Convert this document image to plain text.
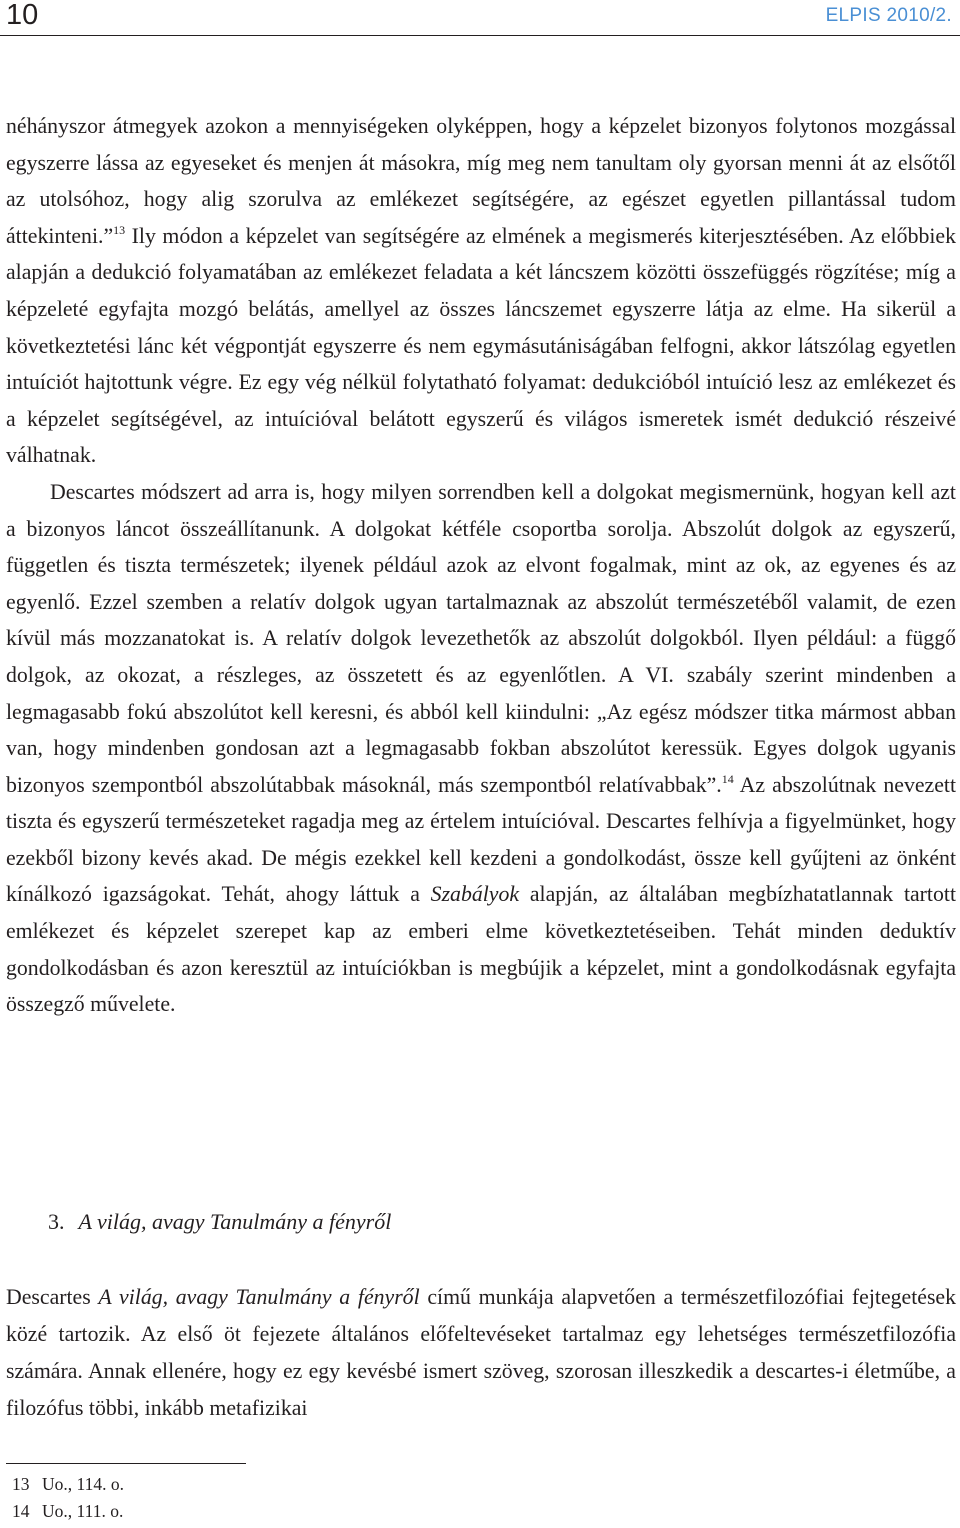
10	ELPIS 2010/2.

néhányszor átmegyek azokon a mennyiségeken olyképpen, hogy a képzelet bizonyos folytonos mozgással egyszerre lássa az egyeseket és menjen át másokra, míg meg nem tanultam oly gyorsan menni át az elsőtől az utolsóhoz, hogy alig szorulva az emlékezet segítségére, az egészet egyetlen pillantással tudom áttekinteni.”$^{13}$ Ily módon a képzelet van segítségére az elmének a megismerés kiterjesztésében. Az előbbiek alapján a dedukció folyamatában az emlékezet feladata a két láncszem közötti összefüggés rögzítése; míg a képzeleté egyfajta mozgó belátás, amellyel az összes láncszemet egyszerre látja az elme. Ha sikerül a következtetési lánc két végpontját egyszerre és nem egymásutániságában felfogni, akkor látszólag egyetlen intuíciót hajtottunk végre. Ez egy vég nélkül folytatható folyamat: dedukcióból intuíció lesz az emlékezet és a képzelet segítségével, az intuícióval belátott egyszerű és világos ismeretek ismét dedukció részeivé válhatnak.

Descartes módszert ad arra is, hogy milyen sorrendben kell a dolgokat megismernünk, hogyan kell azt a bizonyos láncot összeállítanunk. A dolgokat kétféle csoportba sorolja. Abszolút dolgok az egyszerű, független és tiszta természetek; ilyenek például azok az elvont fogalmak, mint az ok, az egyenes és az egyenlő. Ezzel szemben a relatív dolgok ugyan tartalmaznak az abszolút természetéből valamit, de ezen kívül más mozzanatokat is. A relatív dolgok levezethetők az abszolút dolgokból. Ilyen például: a függő dolgok, az okozat, a részleges, az összetett és az egyenlőtlen. A VI. szabály szerint mindenben a legmagasabb fokú abszolútot kell keresni, és abból kell kiindulni: „Az egész módszer titka mármost abban van, hogy mindenben gondosan azt a legmagasabb fokban abszolútot keressük. Egyes dolgok ugyanis bizonyos szempontból abszolútabbak másoknál, más szempontból relatívabbak”.$^{14}$ Az abszolútnak nevezett tiszta és egyszerű természeteket ragadja meg az értelem intuícióval. Descartes felhívja a figyelmünket, hogy ezekből bizony kevés akad. De mégis ezekkel kell kezdeni a gondolkodást, össze kell gyűjteni az önként kínálkozó igazságokat. Tehát, ahogy láttuk a Szabályok alapján, az általában megbízhatatlannak tartott emlékezet és képzelet szerepet kap az emberi elme következtetéseiben. Tehát minden deduktív gondolkodásban és azon keresztül az intuíciókban is megbújik a képzelet, mint a gondolkodásnak egyfajta összegző művelete.

3. A világ, avagy Tanulmány a fényről

Descartes A világ, avagy Tanulmány a fényről című munkája alapvetően a természetfilozófiai fejtegetések közé tartozik. Az első öt fejezete általános előfeltevéseket tartalmaz egy lehetséges természetfilozófia számára. Annak ellenére, hogy ez egy kevésbé ismert szöveg, szorosan illeszkedik a descartes-i életműbe, a filozófus többi, inkább metafizikai

13 Uo., 114. o.
14 Uo., 111. o.
